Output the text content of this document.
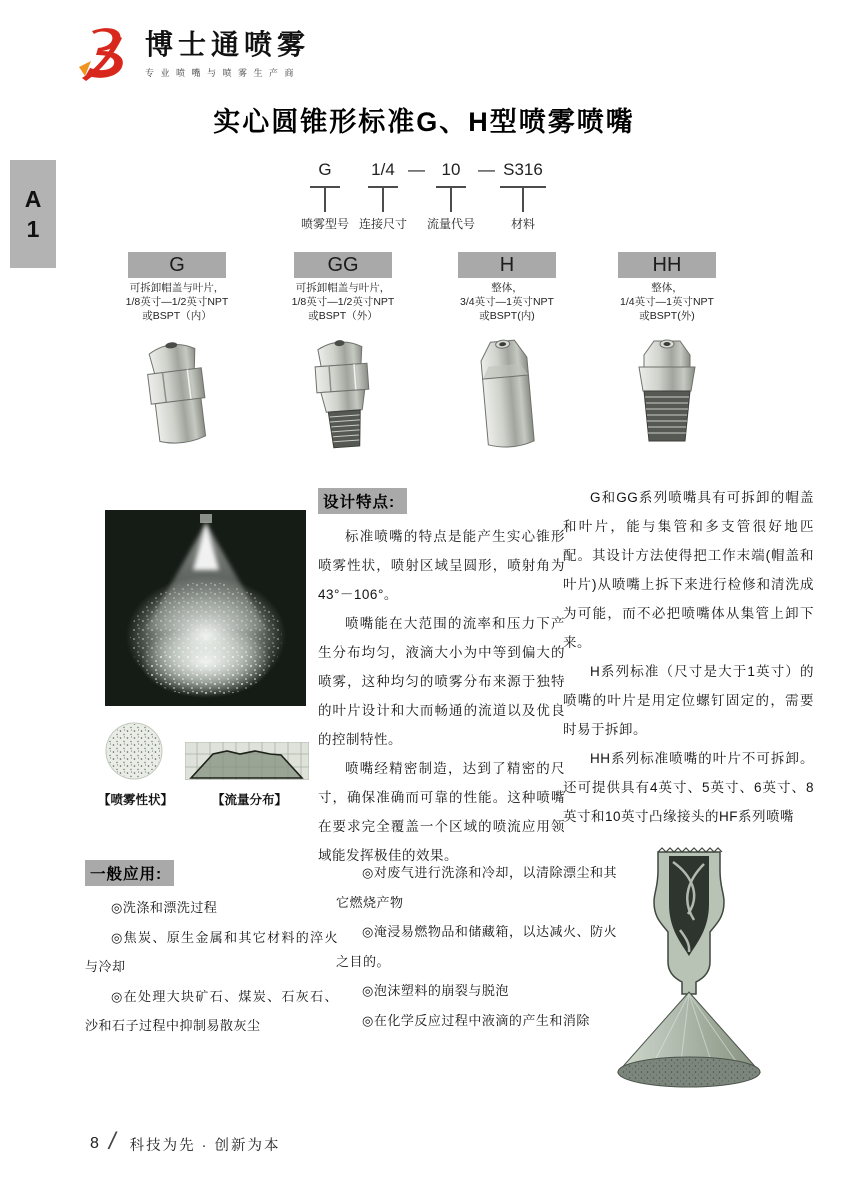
博士通喷雾
专业喷嘴与喷雾生产商
实心圆锥形标准G、H型喷雾喷嘴
A
1
G
喷雾型号
1/4
连接尺寸
10
流量代号
S316
材料
—	—
G
可拆卸帽盖与叶片，
1/8英寸—1/2英寸NPT
或BSPT（内）
GG
可拆卸帽盖与叶片，
1/8英寸—1/2英寸NPT
或BSPT（外）
H
整体，
3/4英寸—1英寸NPT
或BSPT(内)
HH
整体，
1/4英寸—1英寸NPT
或BSPT(外)
【喷雾性状】	【流量分布】
设计特点:

标准喷嘴的特点是能产生实心锥形喷雾性状，喷射区域呈圆形，喷射角为43°－106°。

喷嘴能在大范围的流率和压力下产生分布均匀，液滴大小为中等到偏大的喷雾，这种均匀的喷雾分布来源于独特的叶片设计和大而畅通的流道以及优良的控制特性。

喷嘴经精密制造，达到了精密的尺寸，确保准确而可靠的性能。这种喷嘴在要求完全覆盖一个区域的喷流应用领域能发挥极佳的效果。

G和GG系列喷嘴具有可拆卸的帽盖和叶片，能与集管和多支管很好地匹配。其设计方法使得把工作末端(帽盖和叶片)从喷嘴上拆下来进行检修和清洗成为可能，而不必把喷嘴体从集管上卸下来。

H系列标准（尺寸是大于1英寸）的喷嘴的叶片是用定位螺钉固定的，需要时易于拆卸。

HH系列标准喷嘴的叶片不可拆卸。还可提供具有4英寸、5英寸、6英寸、8英寸和10英寸凸缘接头的HF系列喷嘴

一般应用:

◎洗涤和漂洗过程

◎焦炭、原生金属和其它材料的淬火与冷却

◎在处理大块矿石、煤炭、石灰石、沙和石子过程中抑制易散灰尘

◎对废气进行洗涤和冷却，以清除漂尘和其它燃烧产物

◎淹浸易燃物品和储藏箱，以达减火、防火之目的。

◎泡沫塑料的崩裂与脱泡

◎在化学反应过程中液滴的产生和消除

8 / 科技为先 · 创新为本
